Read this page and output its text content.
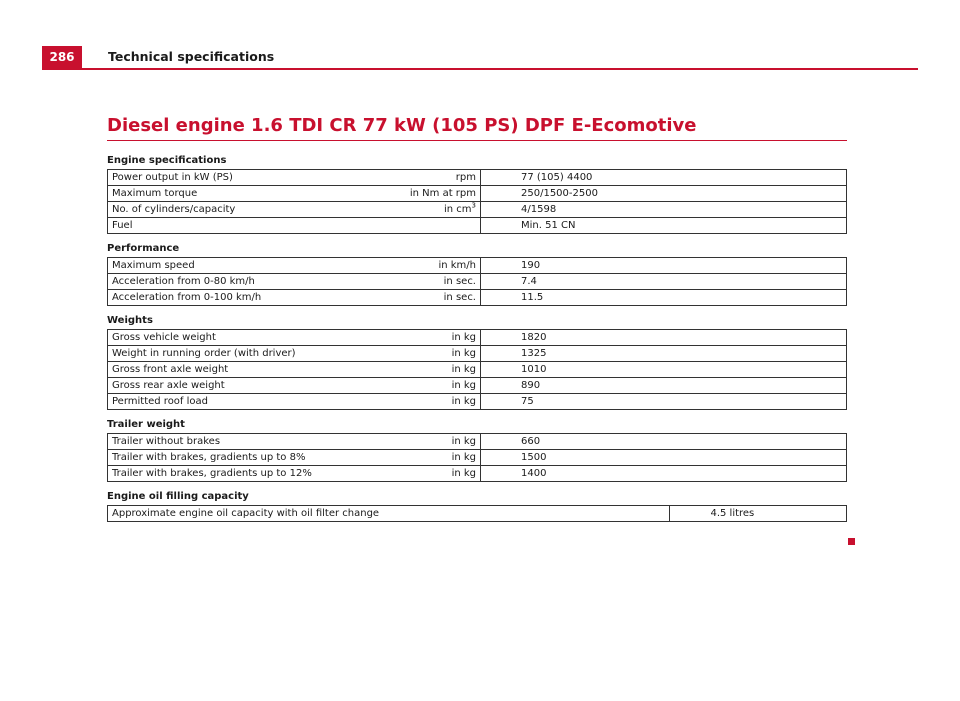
286	Technical specifications
Diesel engine 1.6 TDI CR 77 kW (105 PS) DPF E-Ecomotive
Engine specifications
Power output in kW (PS)	rpm	77 (105) 4400
Maximum torque	in Nm at rpm	250/1500-2500
No. of cylinders/capacity	in $cm^3$	4/1598
Fuel		Min. 51 CN
Performance
Maximum speed	in km/h	190
Acceleration from 0-80 km/h	in sec.	7.4
Acceleration from 0-100 km/h	in sec.	11.5
Weights
Gross vehicle weight	in kg	1820
Weight in running order (with driver)	in kg	1325
Gross front axle weight	in kg	1010
Gross rear axle weight	in kg	890
Permitted roof load	in kg	75
Trailer weight
Trailer without brakes	in kg	660
Trailer with brakes, gradients up to 8%	in kg	1500
Trailer with brakes, gradients up to 12%	in kg	1400
Engine oil filling capacity
Approximate engine oil capacity with oil filter change	4.5 litres
